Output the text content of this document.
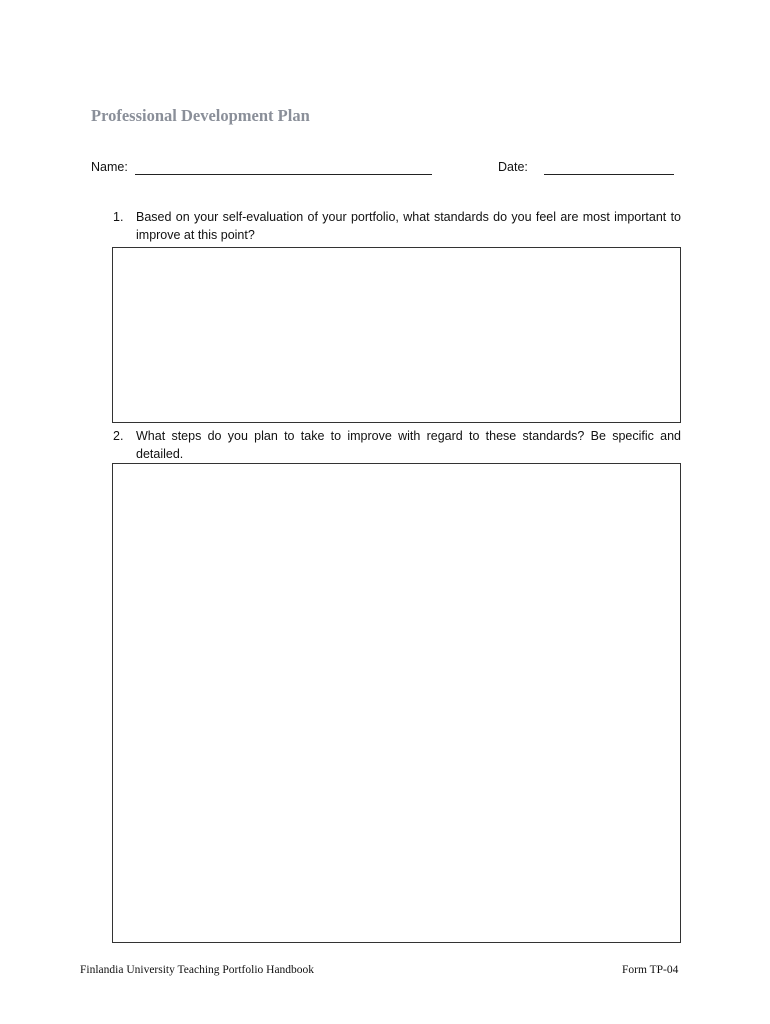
Professional Development Plan
Name:	Date:
1.	Based on your self-evaluation of your portfolio, what standards do you feel are most important to improve at this point?
2.	What steps do you plan to take to improve with regard to these standards? Be specific and detailed.
Finlandia University Teaching Portfolio Handbook	Form TP-04
